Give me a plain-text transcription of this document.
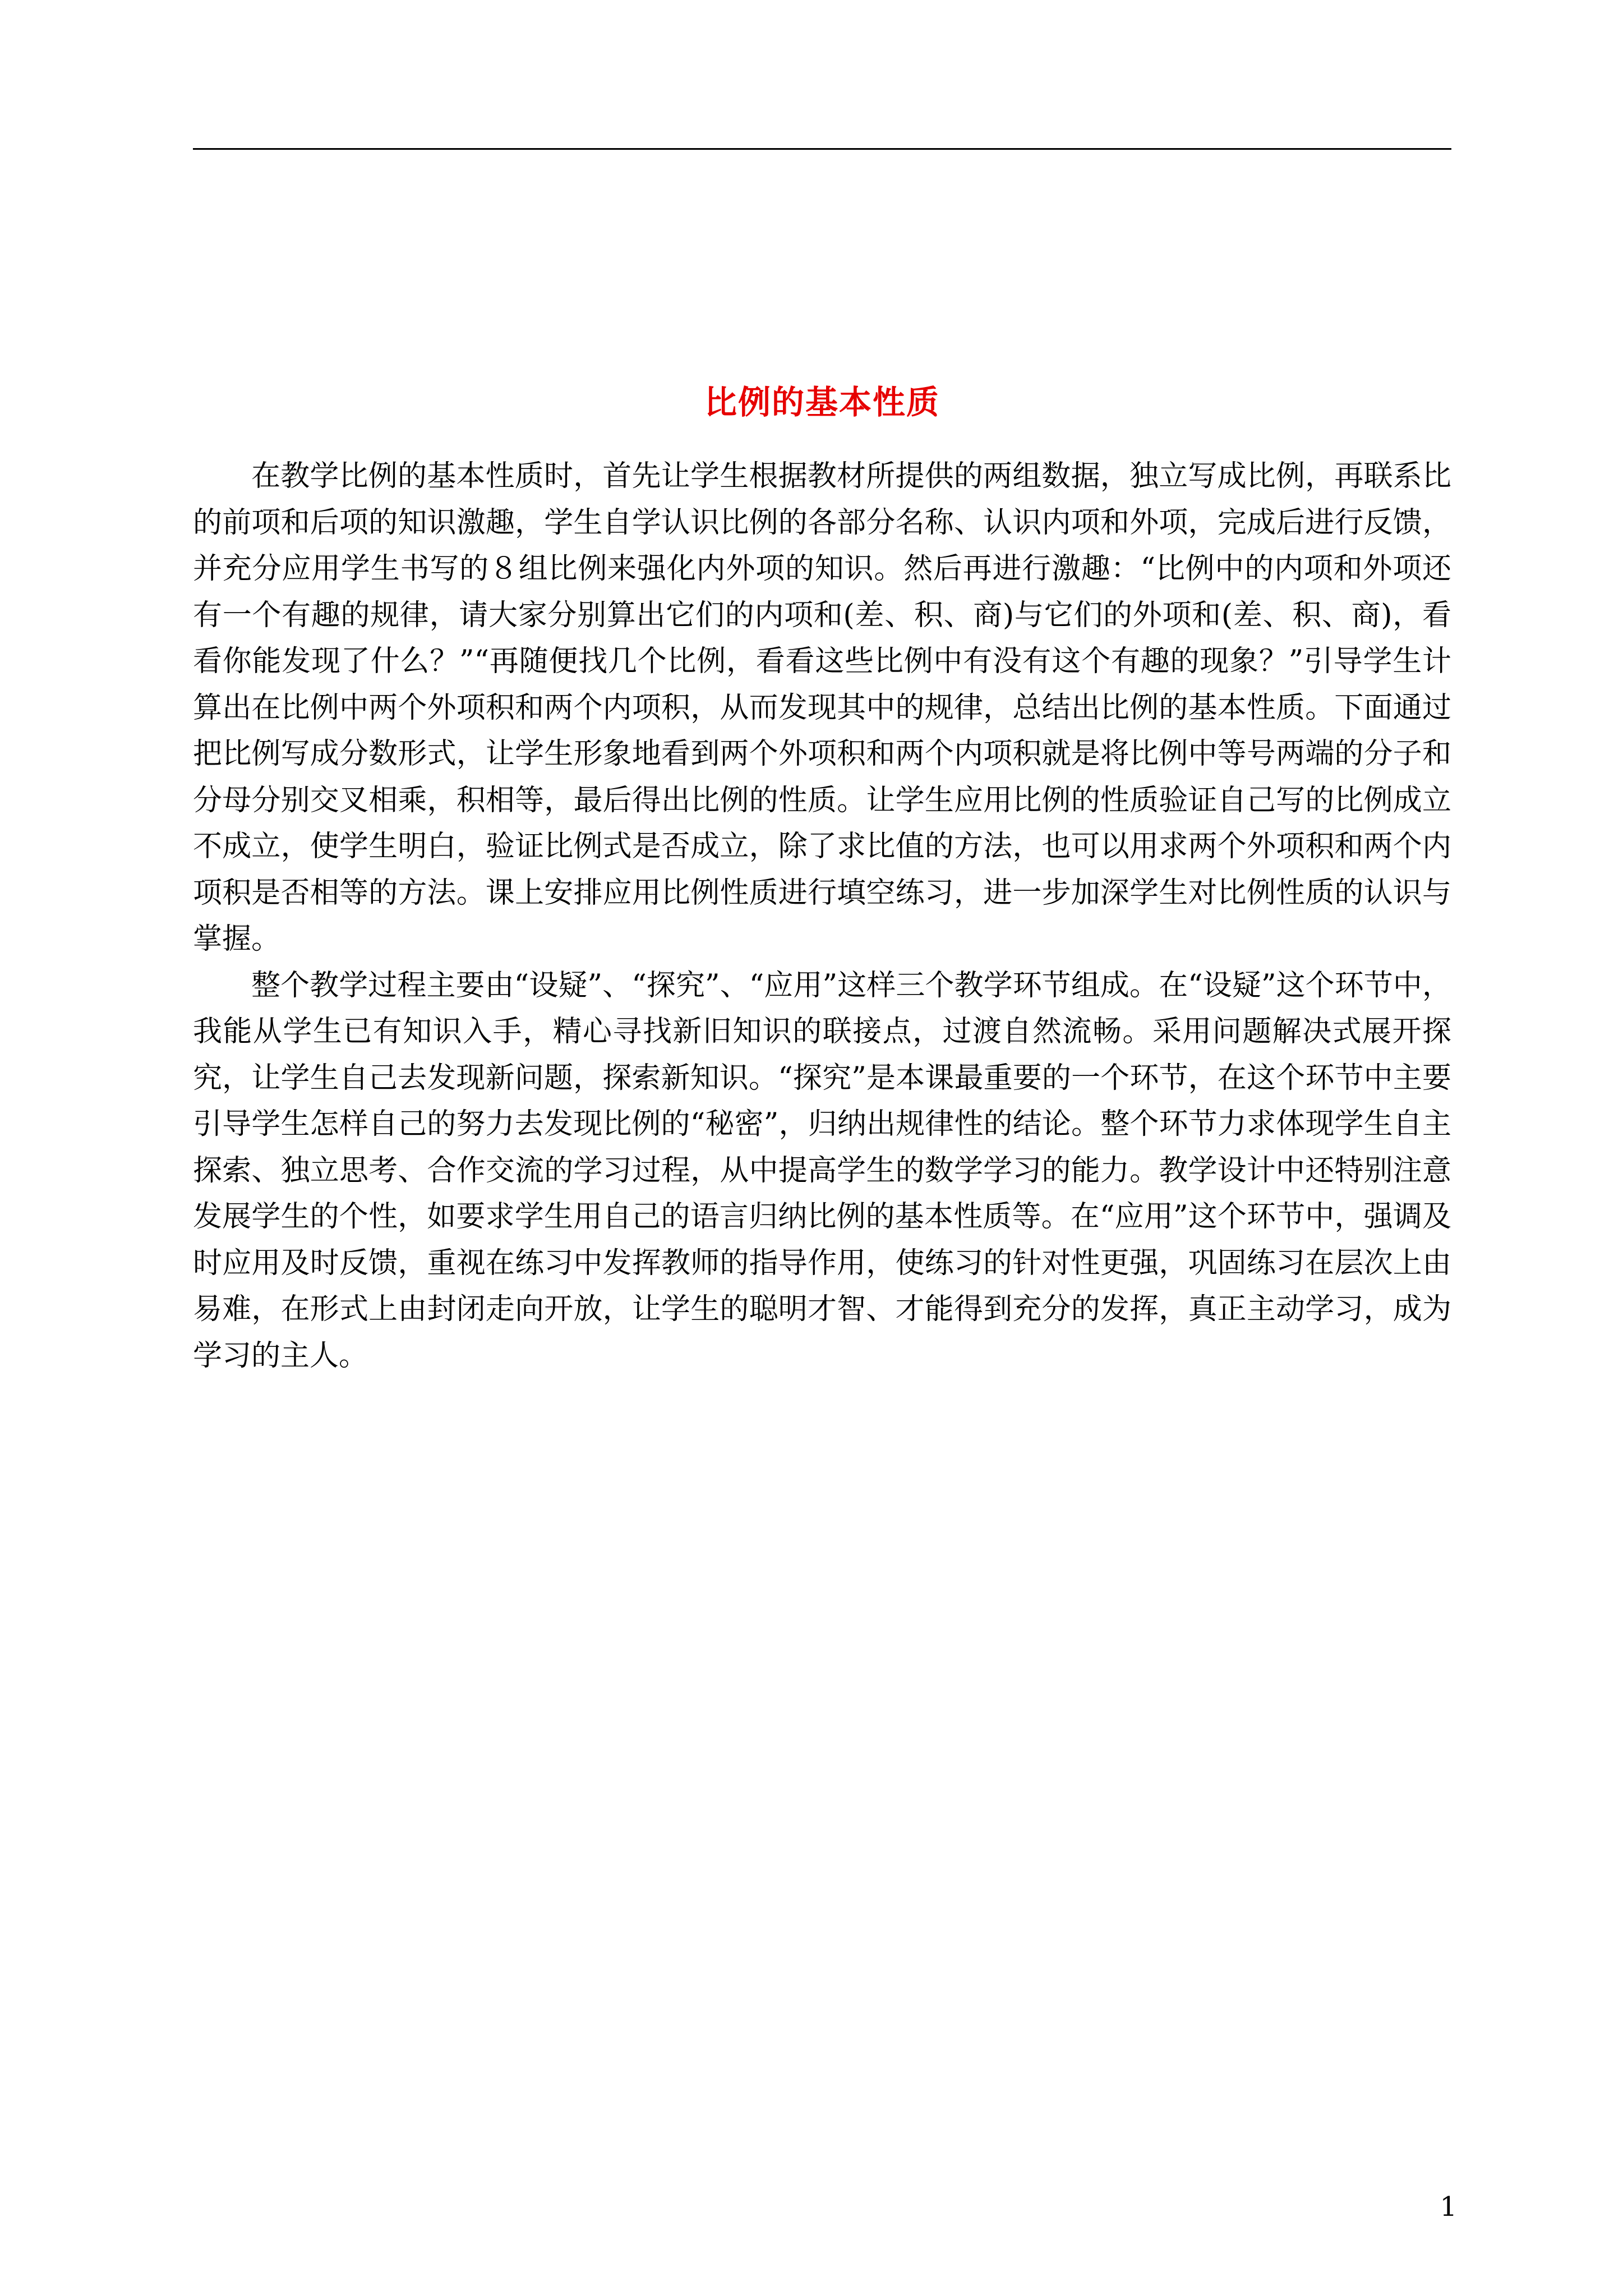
比例的基本性质

在教学比例的基本性质时，首先让学生根据教材所提供的两组数据，独立写成比例，再联系比的前项和后项的知识激趣，学生自学认识比例的各部分名称、认识内项和外项，完成后进行反馈，并充分应用学生书写的８组比例来强化内外项的知识。然后再进行激趣：“比例中的内项和外项还有一个有趣的规律，请大家分别算出它们的内项和(差、积、商)与它们的外项和(差、积、商)，看看你能发现了什么？”“再随便找几个比例，看看这些比例中有没有这个有趣的现象？”引导学生计算出在比例中两个外项积和两个内项积，从而发现其中的规律，总结出比例的基本性质。下面通过把比例写成分数形式，让学生形象地看到两个外项积和两个内项积就是将比例中等号两端的分子和分母分别交叉相乘，积相等，最后得出比例的性质。让学生应用比例的性质验证自己写的比例成立不成立，使学生明白，验证比例式是否成立，除了求比值的方法，也可以用求两个外项积和两个内项积是否相等的方法。课上安排应用比例性质进行填空练习，进一步加深学生对比例性质的认识与掌握。

整个教学过程主要由“设疑”、“探究”、“应用”这样三个教学环节组成。在“设疑”这个环节中，我能从学生已有知识入手，精心寻找新旧知识的联接点，过渡自然流畅。采用问题解决式展开探究，让学生自己去发现新问题，探索新知识。“探究”是本课最重要的一个环节，在这个环节中主要引导学生怎样自己的努力去发现比例的“秘密”，归纳出规律性的结论。整个环节力求体现学生自主探索、独立思考、合作交流的学习过程，从中提高学生的数学学习的能力。教学设计中还特别注意发展学生的个性，如要求学生用自己的语言归纳比例的基本性质等。在“应用”这个环节中，强调及时应用及时反馈，重视在练习中发挥教师的指导作用，使练习的针对性更强，巩固练习在层次上由易难，在形式上由封闭走向开放，让学生的聪明才智、才能得到充分的发挥，真正主动学习，成为学习的主人。

1
